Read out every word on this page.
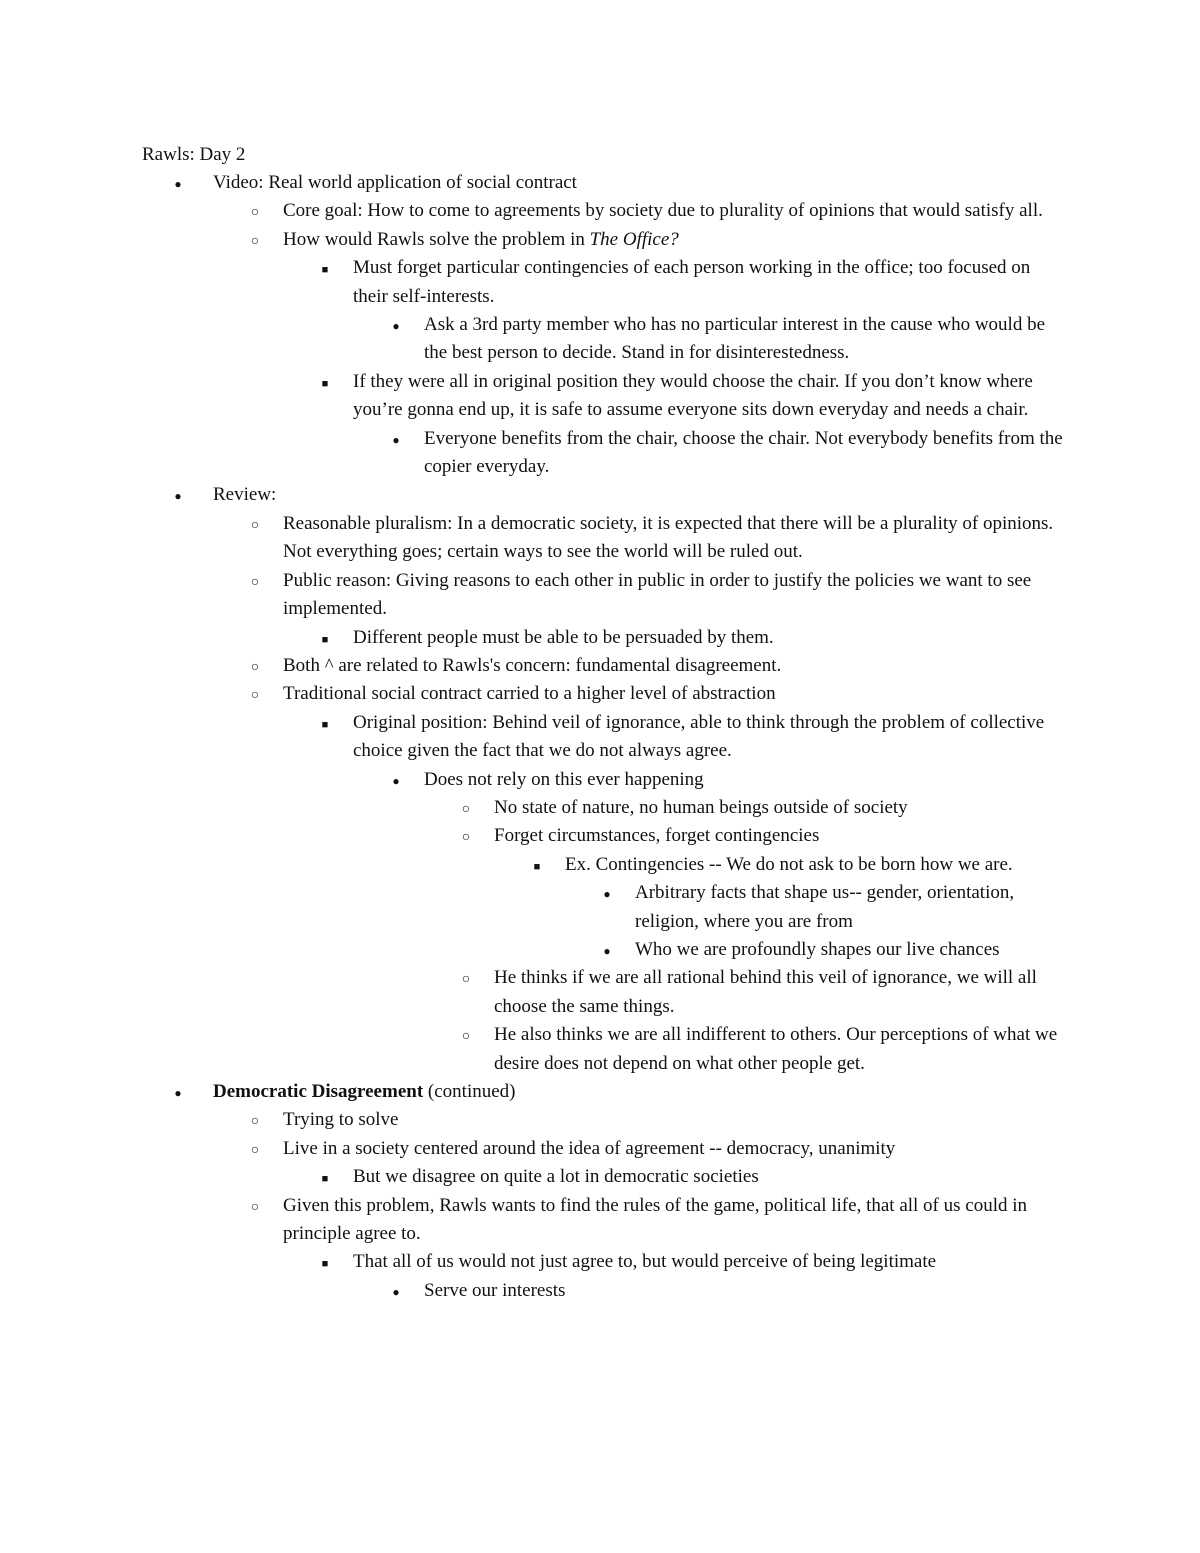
Rawls: Day 2
●
Video: Real world application of social contract
○
Core goal: How to come to agreements by society due to plurality of opinions that would satisfy all.
○
How would Rawls solve the problem in The Office?
■
Must forget particular contingencies of each person working in the office; too focused on their self-interests.
●
Ask a 3rd party member who has no particular interest in the cause who would be the best person to decide. Stand in for disinterestedness.
■
If they were all in original position they would choose the chair. If you don’t know where you’re gonna end up, it is safe to assume everyone sits down everyday and needs a chair.
●
Everyone benefits from the chair, choose the chair. Not everybody benefits from the copier everyday.
●
Review:
○
Reasonable pluralism: In a democratic society, it is expected that there will be a plurality of opinions. Not everything goes; certain ways to see the world will be ruled out.
○
Public reason: Giving reasons to each other in public in order to justify the policies we want to see implemented.
■
Different people must be able to be persuaded by them.
○
Both ^ are related to Rawls's concern: fundamental disagreement.
○
Traditional social contract carried to a higher level of abstraction
■
Original position: Behind veil of ignorance, able to think through the problem of collective choice given the fact that we do not always agree.
●
Does not rely on this ever happening
○
No state of nature, no human beings outside of society
○
Forget circumstances, forget contingencies
■
Ex. Contingencies -- We do not ask to be born how we are.
●
Arbitrary facts that shape us-- gender, orientation, religion, where you are from
●
Who we are profoundly shapes our live chances
○
He thinks if we are all rational behind this veil of ignorance, we will all choose the same things.
○
He also thinks we are all indifferent to others. Our perceptions of what we desire does not depend on what other people get.
●
Democratic Disagreement (continued)
○
Trying to solve
○
Live in a society centered around the idea of agreement -- democracy, unanimity
■
But we disagree on quite a lot in democratic societies
○
Given this problem, Rawls wants to find the rules of the game, political life, that all of us could in principle agree to.
■
That all of us would not just agree to, but would perceive of being legitimate
●
Serve our interests
